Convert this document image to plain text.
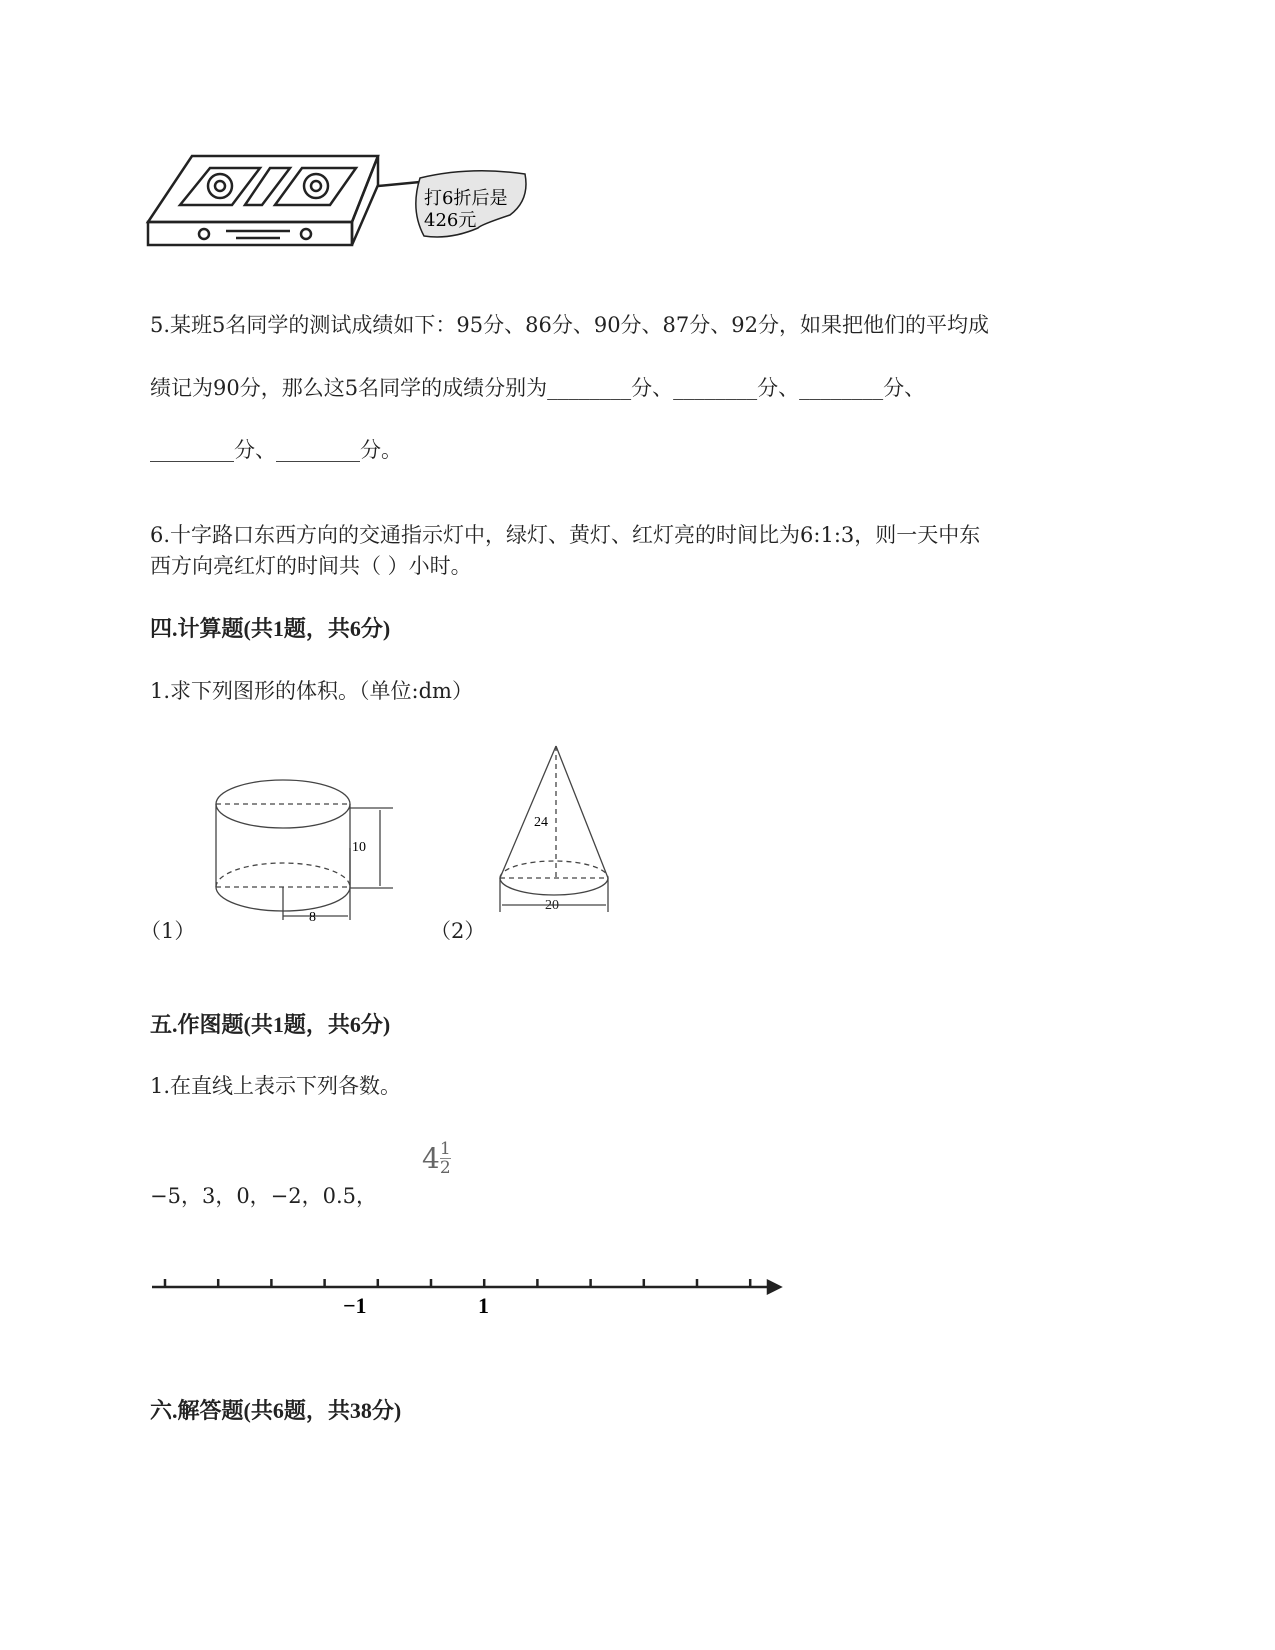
打6折后是
426元
10
8
24
20
−1	1
5.某班5名同学的测试成绩如下：95分、86分、90分、87分、92分，如果把他们的平均成
绩记为90分，那么这5名同学的成绩分别为________分、________分、________分、
________分、________分。
6.十字路口东西方向的交通指示灯中，绿灯、黄灯、红灯亮的时间比为6:1:3，则一天中东
西方向亮红灯的时间共（ ）小时。
四.计算题(共1题，共6分)
1.求下列图形的体积。（单位:dm）
（1）	（2）
五.作图题(共1题，共6分)
1.在直线上表示下列各数。
−5，3，0，−2，0.5，
$4 \frac{1}{2}$
六.解答题(共6题，共38分)
